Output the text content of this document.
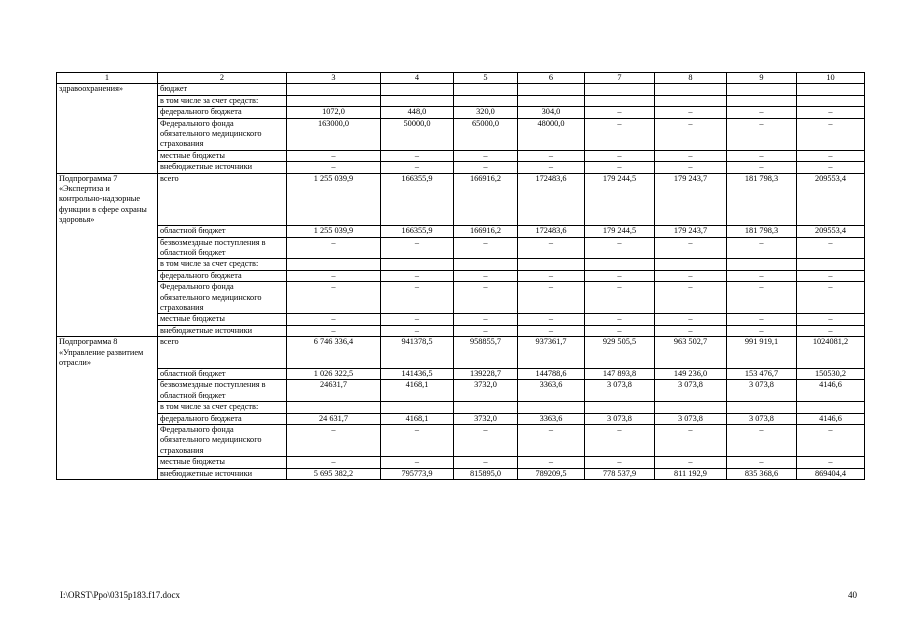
1	2	3	4	5	6	7	8	9	10
здравоохранения»	бюджет								
	в том числе за счет средств:								
	федерального бюджета	1072,0	448,0	320,0	304,0	–	–	–	–
	Федерального фонда обязательного медицинского страхования	163000,0	50000,0	65000,0	48000,0	–	–	–	–
	местные бюджеты	–	–	–	–	–	–	–	–
	внебюджетные источники	–	–	–	–	–	–	–	–
Подпрограмма 7 «Экспертиза и контрольно-надзорные функции в сфере охраны здоровья»	всего	1 255 039,9	166355,9	166916,2	172483,6	179 244,5	179 243,7	181 798,3	209553,4
	областной бюджет	1 255 039,9	166355,9	166916,2	172483,6	179 244,5	179 243,7	181 798,3	209553,4
	безвозмездные поступления в областной бюджет	–	–	–	–	–	–	–	–
	в том числе за счет средств:								
	федерального бюджета	–	–	–	–	–	–	–	–
	Федерального фонда обязательного медицинского страхования	–	–	–	–	–	–	–	–
	местные бюджеты	–	–	–	–	–	–	–	–
	внебюджетные источники	–	–	–	–	–	–	–	–
Подпрограмма 8 «Управление развитием отрасли»	всего	6 746 336,4	941378,5	958855,7	937361,7	929 505,5	963 502,7	991 919,1	1024081,2
	областной бюджет	1 026 322,5	141436,5	139228,7	144788,6	147 893,8	149 236,0	153 476,7	150530,2
	безвозмездные поступления в областной бюджет	24631,7	4168,1	3732,0	3363,6	3 073,8	3 073,8	3 073,8	4146,6
	в том числе за счет средств:								
	федерального бюджета	24 631,7	4168,1	3732,0	3363,6	3 073,8	3 073,8	3 073,8	4146,6
	Федерального фонда обязательного медицинского страхования	–	–	–	–	–	–	–	–
	местные бюджеты	–	–	–	–	–	–	–	–
	внебюджетные источники	5 695 382,2	795773,9	815895,0	789209,5	778 537,9	811 192,9	835 368,6	869404,4
I:\ORST\Ppo\0315p183.f17.docx	40
